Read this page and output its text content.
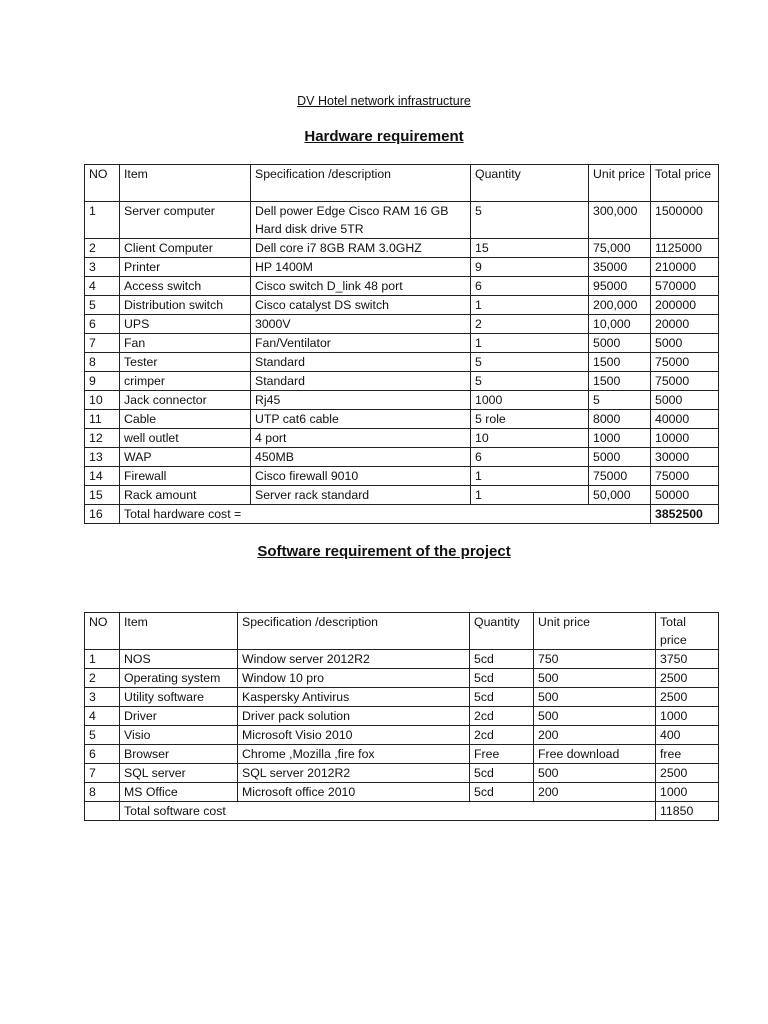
DV Hotel network infrastructure
Hardware requirement
NO	Item	Specification /description	Quantity	Unit price	Total price
1	Server computer	Dell power Edge Cisco RAM 16 GB Hard disk drive 5TR	5	300,000	1500000
2	Client Computer	Dell core i7 8GB RAM 3.0GHZ	15	75,000	1125000
3	Printer	HP 1400M	9	35000	210000
4	Access switch	Cisco switch D_link 48 port	6	95000	570000
5	Distribution switch	Cisco catalyst DS switch	1	200,000	200000
6	UPS	3000V	2	10,000	20000
7	Fan	Fan/Ventilator	1	5000	5000
8	Tester	Standard	5	1500	75000
9	crimper	Standard	5	1500	75000
10	Jack connector	Rj45	1000	5	5000
11	Cable	UTP cat6 cable	5 role	8000	40000
12	well outlet	4 port	10	1000	10000
13	WAP	450MB	6	5000	30000
14	Firewall	Cisco firewall 9010	1	75000	75000
15	Rack amount	Server rack standard	1	50,000	50000
16	Total hardware cost =				3852500
Software requirement of the project
NO	Item	Specification /description	Quantity	Unit price	Total price
1	NOS	Window server 2012R2	5cd	750	3750
2	Operating system	Window 10 pro	5cd	500	2500
3	Utility software	Kaspersky Antivirus	5cd	500	2500
4	Driver	Driver pack solution	2cd	500	1000
5	Visio	Microsoft Visio 2010	2cd	200	400
6	Browser	Chrome ,Mozilla ,fire fox	Free	Free download	free
7	SQL server	SQL server 2012R2	5cd	500	2500
8	MS Office	Microsoft office 2010	5cd	200	1000
	Total software cost				11850
